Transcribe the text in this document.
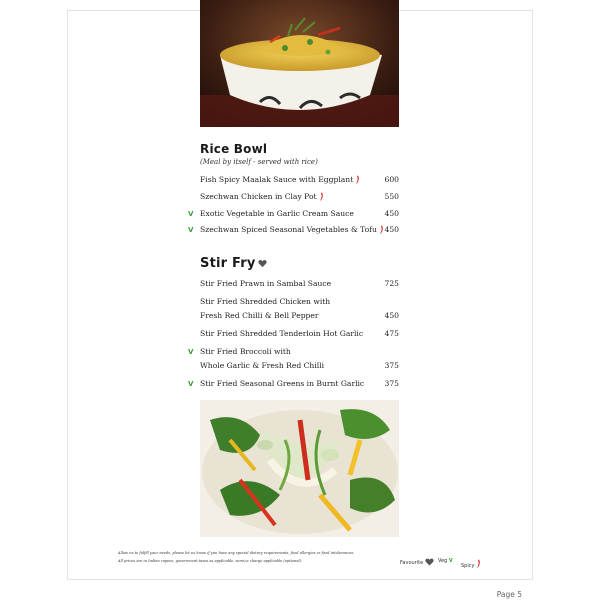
Rice Bowl
(Meal by itself - served with rice)
Fish Spicy Maalak Sauce with Eggplant	600
Szechwan Chicken in Clay Pot	550
V Exotic Vegetable in Garlic Cream Sauce	450
V Szechwan Spiced Seasonal Vegetables & Tofu	450
Stir Fry
Stir Fried Prawn in Sambal Sauce	725
Stir Fried Shredded Chicken with
Fresh Red Chilli & Bell Pepper	450
Stir Fried Shredded Tenderloin Hot Garlic	475
V Stir Fried Broccoli with
Whole Garlic & Fresh Red Chilli	375
V Stir Fried Seasonal Greens in Burnt Garlic	375
Allow us to fulfill your needs, please let us know if you have any special dietary requirements, food allergies or food intolerances.
All prices are in Indian rupees, government taxes as applicable, service charge applicable (optional).	Favourite	Veg V
Spicy
Page 5
